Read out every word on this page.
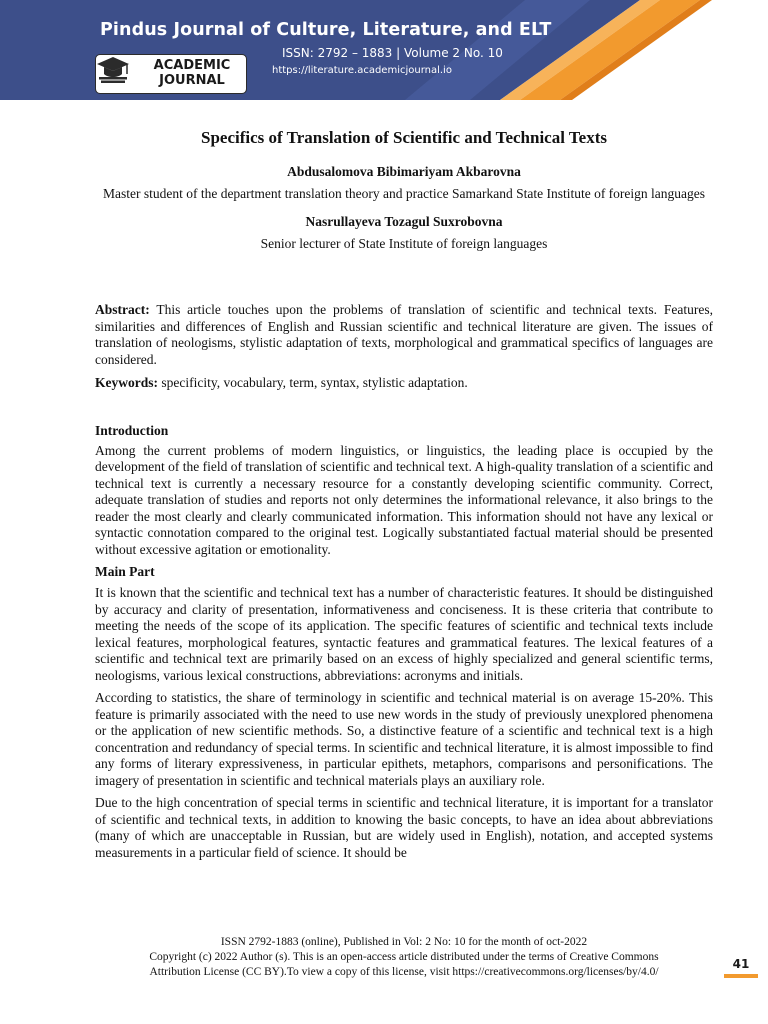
Pindus Journal of Culture, Literature, and ELT
ISSN: 2792 – 1883 | Volume 2 No. 10
https://literature.academicjournal.io
ACADEMIC
JOURNAL
Specifics of Translation of Scientific and Technical Texts
Abdusalomova Bibimariyam Akbarovna
Master student of the department translation theory and practice Samarkand State Institute of foreign languages
Nasrullayeva Tozagul Suxrobovna
Senior lecturer of State Institute of foreign languages

Abstract: This article touches upon the problems of translation of scientific and technical texts. Features, similarities and differences of English and Russian scientific and technical literature are given. The issues of translation of neologisms, stylistic adaptation of texts, morphological and grammatical specifics of languages are considered.

Keywords: specificity, vocabulary, term, syntax, stylistic adaptation.

Introduction

Among the current problems of modern linguistics, or linguistics, the leading place is occupied by the development of the field of translation of scientific and technical text. A high-quality translation of a scientific and technical text is currently a necessary resource for a constantly developing scientific community. Correct, adequate translation of studies and reports not only determines the informational relevance, it also brings to the reader the most clearly and clearly communicated information. This information should not have any lexical or syntactic connotation compared to the original test. Logically substantiated factual material should be presented without excessive agitation or emotionality.

Main Part

It is known that the scientific and technical text has a number of characteristic features. It should be distinguished by accuracy and clarity of presentation, informativeness and conciseness. It is these criteria that contribute to meeting the needs of the scope of its application. The specific features of scientific and technical texts include lexical features, morphological features, syntactic features and grammatical features. The lexical features of a scientific and technical text are primarily based on an excess of highly specialized and general scientific terms, neologisms, various lexical constructions, abbreviations: acronyms and initials.

According to statistics, the share of terminology in scientific and technical material is on average 15-20%. This feature is primarily associated with the need to use new words in the study of previously unexplored phenomena or the application of new scientific methods. So, a distinctive feature of a scientific and technical text is a high concentration and redundancy of special terms. In scientific and technical literature, it is almost impossible to find any forms of literary expressiveness, in particular epithets, metaphors, comparisons and personifications. The imagery of presentation in scientific and technical materials plays an auxiliary role.

Due to the high concentration of special terms in scientific and technical literature, it is important for a translator of scientific and technical texts, in addition to knowing the basic concepts, to have an idea about abbreviations (many of which are unacceptable in Russian, but are widely used in English), notation, and accepted systems measurements in a particular field of science. It should be

ISSN 2792-1883 (online), Published in Vol: 2 No: 10 for the month of oct-2022
Copyright (c) 2022 Author (s). This is an open-access article distributed under the terms of Creative Commons
Attribution License (CC BY).To view a copy of this license, visit https://creativecommons.org/licenses/by/4.0/
41
